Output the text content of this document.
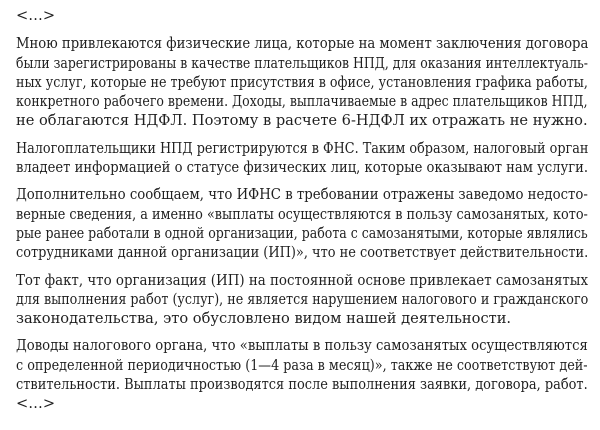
<…>

Мною привлекаются физические лица, которые на момент заключения договора
были зарегистрированы в качестве плательщиков НПД, для оказания интеллектуаль-
ных услуг, которые не требуют присутствия в офисе, установления графика работы,
конкретного рабочего времени. Доходы, выплачиваемые в адрес плательщиков НПД,
не облагаются НДФЛ. Поэтому в расчете 6-НДФЛ их отражать не нужно.

Налогоплательщики НПД регистрируются в ФНС. Таким образом, налоговый орган
владеет информацией о статусе физических лиц, которые оказывают нам услуги.

Дополнительно сообщаем, что ИФНС в требовании отражены заведомо недосто-
верные сведения, а именно «выплаты осуществляются в пользу самозанятых, кото-
рые ранее работали в одной организации, работа с самозанятыми, которые являлись
сотрудниками данной организации (ИП)», что не соответствует действительности.

Тот факт, что организация (ИП) на постоянной основе привлекает самозанятых
для выполнения работ (услуг), не является нарушением налогового и гражданского
законодательства, это обусловлено видом нашей деятельности.

Доводы налогового органа, что «выплаты в пользу самозанятых осуществляются
с определенной периодичностью (1—4 раза в месяц)», также не соответствуют дей-
ствительности. Выплаты производятся после выполнения заявки, договора, работ.

<…>
